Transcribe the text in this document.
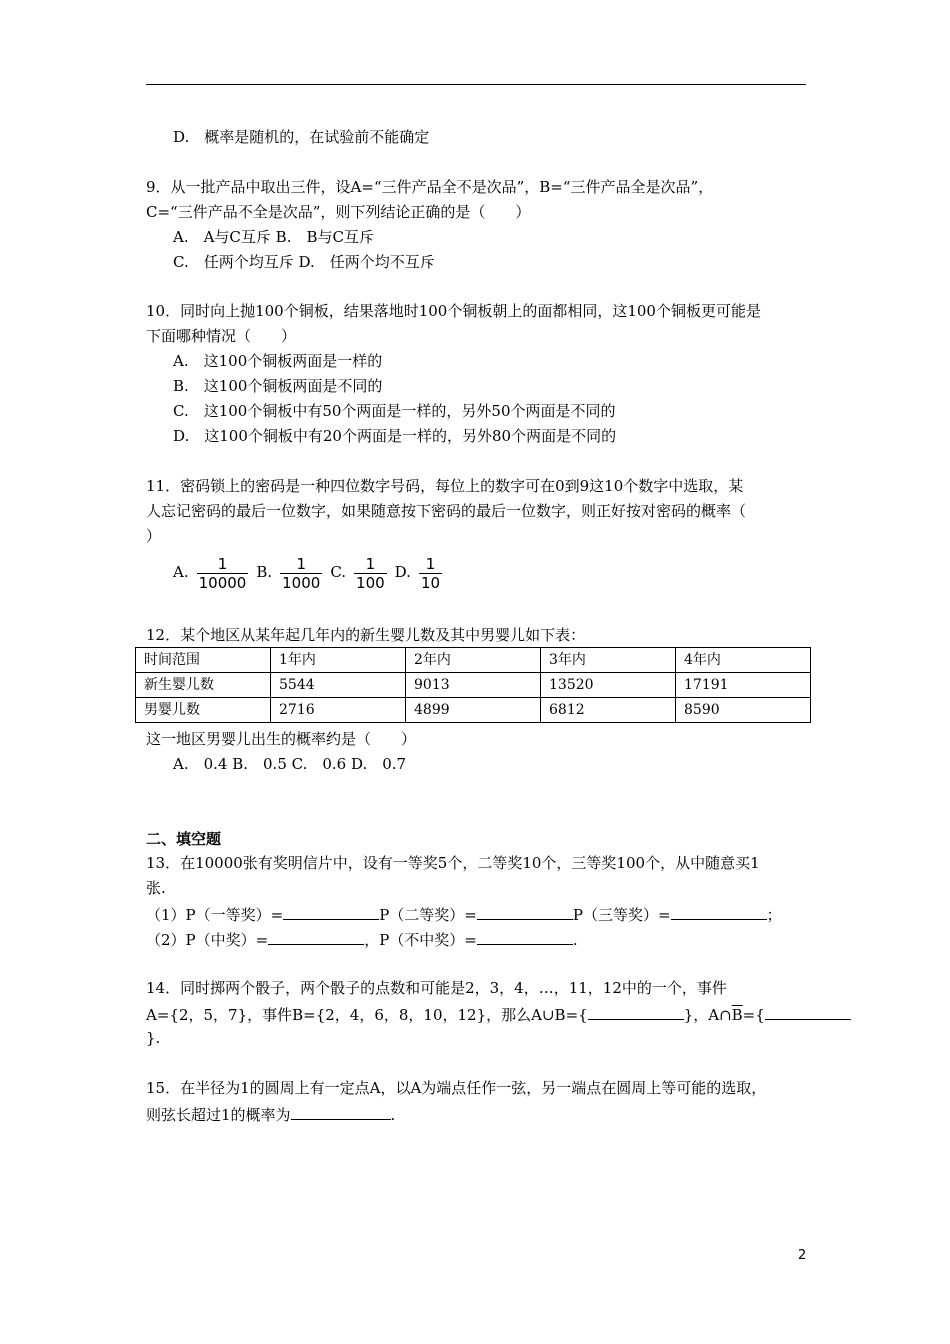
D.　概率是随机的，在试验前不能确定
9．从一批产品中取出三件，设A=“三件产品全不是次品”，B=“三件产品全是次品”，
C=“三件产品不全是次品”，则下列结论正确的是（　　）
A.　A与C互斥 B.　B与C互斥
C.　任两个均互斥 D.　任两个均不互斥
10．同时向上抛100个铜板，结果落地时100个铜板朝上的面都相同，这100个铜板更可能是
下面哪种情况（　　）
A.　这100个铜板两面是一样的
B.　这100个铜板两面是不同的
C.　这100个铜板中有50个两面是一样的，另外50个两面是不同的
D.　这100个铜板中有20个两面是一样的，另外80个两面是不同的
11．密码锁上的密码是一种四位数字号码，每位上的数字可在0到9这10个数字中选取，某
人忘记密码的最后一位数字，如果随意按下密码的最后一位数字，则正好按对密码的概率（
）
A. $\frac{1}{10000} B$. $\frac{1}{1000} C$. $\frac{1}{100} D$. $\frac{1}{10}$
12．某个地区从某年起几年内的新生婴儿数及其中男婴儿如下表：
时间范围	1年内	2年内	3年内	4年内
新生婴儿数	5544	9013	13520	17191
男婴儿数	2716	4899	6812	8590
这一地区男婴儿出生的概率约是（　　）
A.　0.4 B.　0.5 C.　0.6 D.　0.7
二、填空题
13．在10000张有奖明信片中，设有一等奖5个，二等奖10个，三等奖100个，从中随意买1
张.
（1）P（一等奖）=	P（二等奖）=	P（三等奖）=	；
（2）P（中奖）=	，P（不中奖）=	.
14．同时掷两个骰子，两个骰子的点数和可能是2，3，4，…，11，12中的一个，事件
A={2，5，7}，事件B={2，4，6，8，10，12}，那么A∪B={	}，$A\cap\overline{B}=${
}.
15．在半径为1的圆周上有一定点A，以A为端点任作一弦，另一端点在圆周上等可能的选取，
则弦长超过1的概率为	.
2
